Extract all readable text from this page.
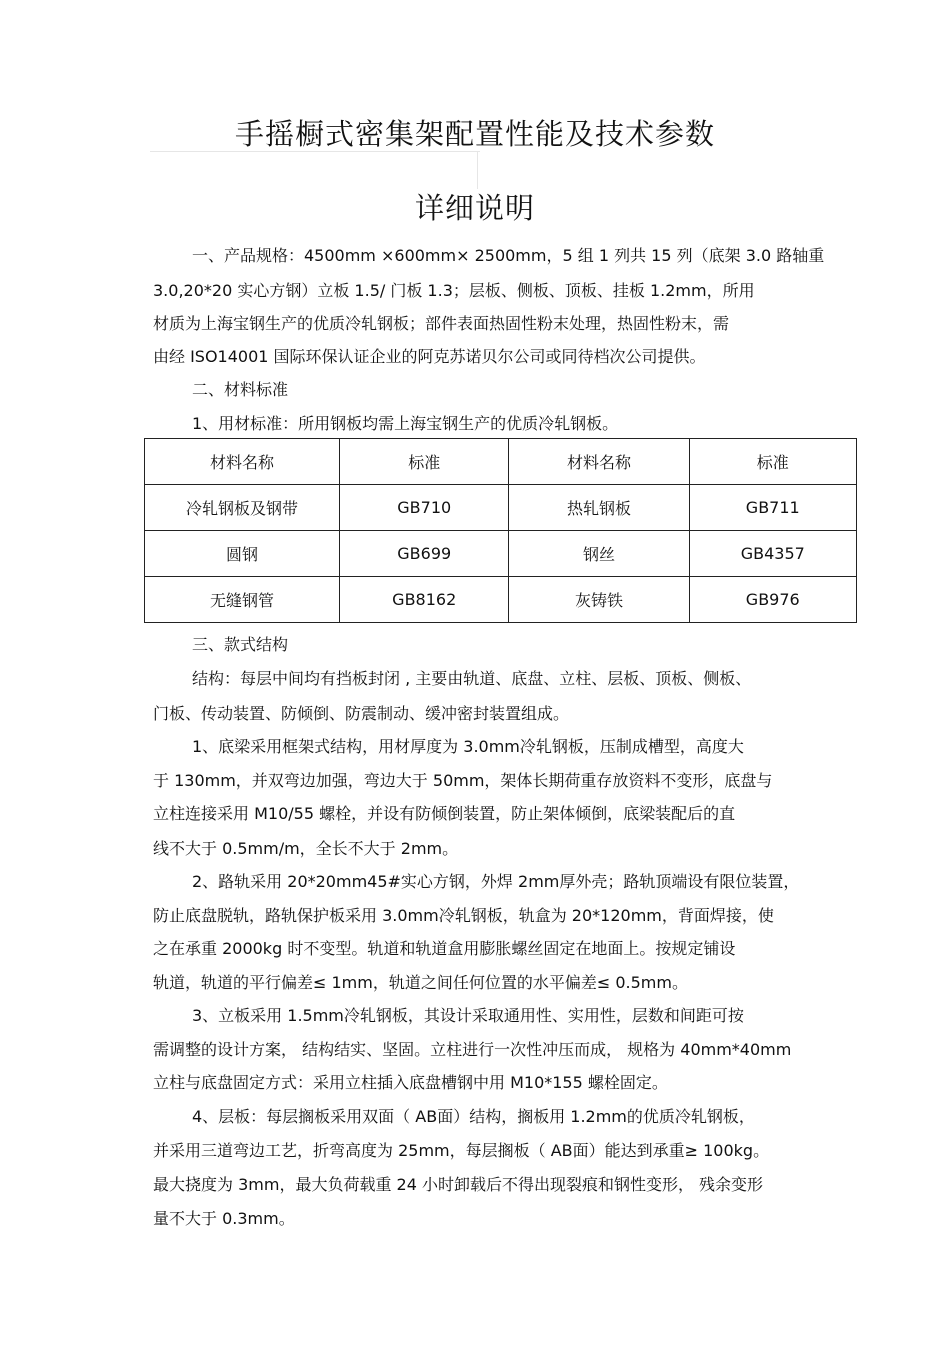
手摇橱式密集架配置性能及技术参数
详细说明
一、产品规格：4500mm ×600mm× 2500mm，5 组 1 列共 15 列（底架 3.0 路轴重
3.0,20*20 实心方钢）立板 1.5/ 门板 1.3；层板、侧板、顶板、挂板 1.2mm，所用
材质为上海宝钢生产的优质冷轧钢板；部件表面热固性粉末处理，热固性粉末，需
由经 ISO14001 国际环保认证企业的阿克苏诺贝尔公司或同待档次公司提供。
二、材料标准
1、用材标准：所用钢板均需上海宝钢生产的优质冷轧钢板。
材料名称	标准	材料名称	标准
冷轧钢板及钢带	GB710	热轧钢板	GB711
圆钢	GB699	钢丝	GB4357
无缝钢管	GB8162	灰铸铁	GB976
三、款式结构
结构：每层中间均有挡板封闭 , 主要由轨道、底盘、立柱、层板、顶板、侧板、
门板、传动装置、防倾倒、防震制动、缓冲密封装置组成。
1、底梁采用框架式结构，用材厚度为 3.0mm冷轧钢板，压制成槽型，高度大
于 130mm，并双弯边加强，弯边大于 50mm，架体长期荷重存放资料不变形，底盘与
立柱连接采用 M10/55 螺栓，并设有防倾倒装置，防止架体倾倒，底梁装配后的直
线不大于 0.5mm/m，全长不大于 2mm。
2、路轨采用 20*20mm45#实心方钢，外焊 2mm厚外壳；路轨顶端设有限位装置，
防止底盘脱轨，路轨保护板采用 3.0mm冷轧钢板，轨盒为 20*120mm，背面焊接，使
之在承重 2000kg 时不变型。轨道和轨道盒用膨胀螺丝固定在地面上。按规定铺设
轨道，轨道的平行偏差≤ 1mm，轨道之间任何位置的水平偏差≤ 0.5mm。
3、立板采用 1.5mm冷轧钢板，其设计采取通用性、实用性，层数和间距可按
需调整的设计方案， 结构结实、坚固。立柱进行一次性冲压而成， 规格为 40mm*40mm
立柱与底盘固定方式：采用立柱插入底盘槽钢中用 M10*155 螺栓固定。
4、层板：每层搁板采用双面（ AB面）结构，搁板用 1.2mm的优质冷轧钢板，
并采用三道弯边工艺，折弯高度为 25mm，每层搁板（ AB面）能达到承重≥ 100kg。
最大挠度为 3mm，最大负荷载重 24 小时卸载后不得出现裂痕和钢性变形， 残余变形
量不大于 0.3mm。
